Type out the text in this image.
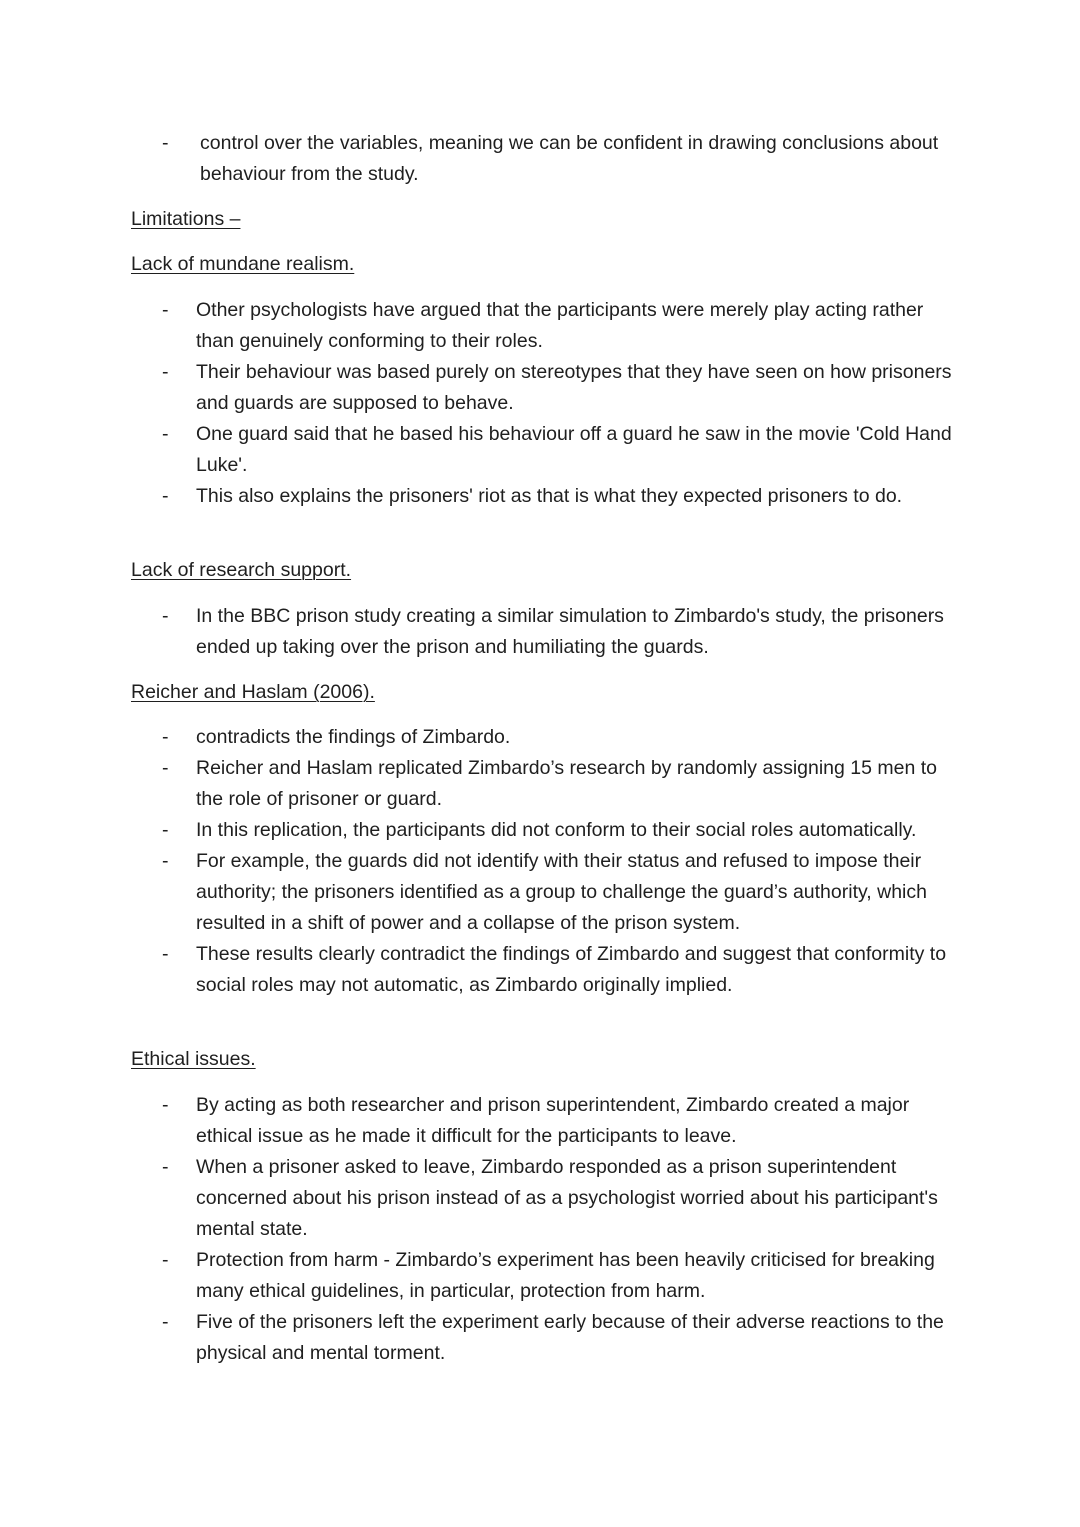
- control over the variables, meaning we can be confident in drawing conclusions about behaviour from the study.
Limitations –
Lack of mundane realism.
- Other psychologists have argued that the participants were merely play acting rather than genuinely conforming to their roles.
- Their behaviour was based purely on stereotypes that they have seen on how prisoners and guards are supposed to behave.
- One guard said that he based his behaviour off a guard he saw in the movie 'Cold Hand Luke'.
- This also explains the prisoners' riot as that is what they expected prisoners to do.
Lack of research support.
- In the BBC prison study creating a similar simulation to Zimbardo's study, the prisoners ended up taking over the prison and humiliating the guards.
Reicher and Haslam (2006).
- contradicts the findings of Zimbardo.
- Reicher and Haslam replicated Zimbardo’s research by randomly assigning 15 men to the role of prisoner or guard.
- In this replication, the participants did not conform to their social roles automatically.
- For example, the guards did not identify with their status and refused to impose their authority; the prisoners identified as a group to challenge the guard’s authority, which resulted in a shift of power and a collapse of the prison system.
- These results clearly contradict the findings of Zimbardo and suggest that conformity to social roles may not automatic, as Zimbardo originally implied.
Ethical issues.
- By acting as both researcher and prison superintendent, Zimbardo created a major ethical issue as he made it difficult for the participants to leave.
- When a prisoner asked to leave, Zimbardo responded as a prison superintendent concerned about his prison instead of as a psychologist worried about his participant's mental state.
- Protection from harm - Zimbardo’s experiment has been heavily criticised for breaking many ethical guidelines, in particular, protection from harm.
- Five of the prisoners left the experiment early because of their adverse reactions to the physical and mental torment.
